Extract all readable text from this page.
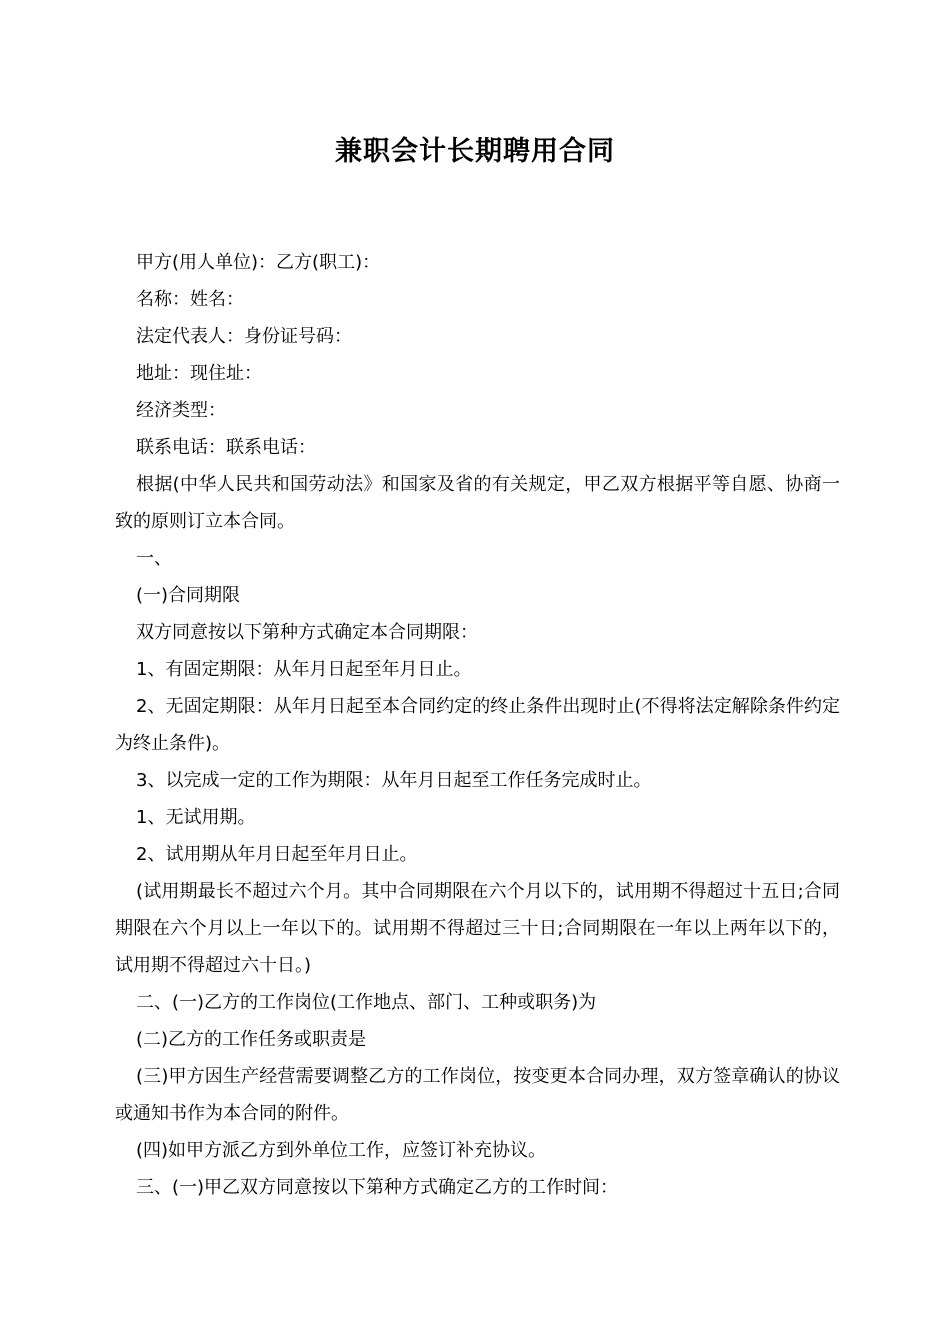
兼职会计长期聘用合同

甲方(用人单位)：乙方(职工)：

名称：姓名：

法定代表人：身份证号码：

地址：现住址：

经济类型：

联系电话：联系电话：

根据(中华人民共和国劳动法》和国家及省的有关规定，甲乙双方根据平等自愿、协商一致的原则订立本合同。

一、

(一)合同期限

双方同意按以下第种方式确定本合同期限：

1、有固定期限：从年月日起至年月日止。

2、无固定期限：从年月日起至本合同约定的终止条件出现时止(不得将法定解除条件约定为终止条件)。

3、以完成一定的工作为期限：从年月日起至工作任务完成时止。

1、无试用期。

2、试用期从年月日起至年月日止。

(试用期最长不超过六个月。其中合同期限在六个月以下的，试用期不得超过十五日;合同期限在六个月以上一年以下的。试用期不得超过三十日;合同期限在一年以上两年以下的，试用期不得超过六十日。)

二、(一)乙方的工作岗位(工作地点、部门、工种或职务)为

(二)乙方的工作任务或职责是

(三)甲方因生产经营需要调整乙方的工作岗位，按变更本合同办理，双方签章确认的协议或通知书作为本合同的附件。

(四)如甲方派乙方到外单位工作，应签订补充协议。

三、(一)甲乙双方同意按以下第种方式确定乙方的工作时间：
